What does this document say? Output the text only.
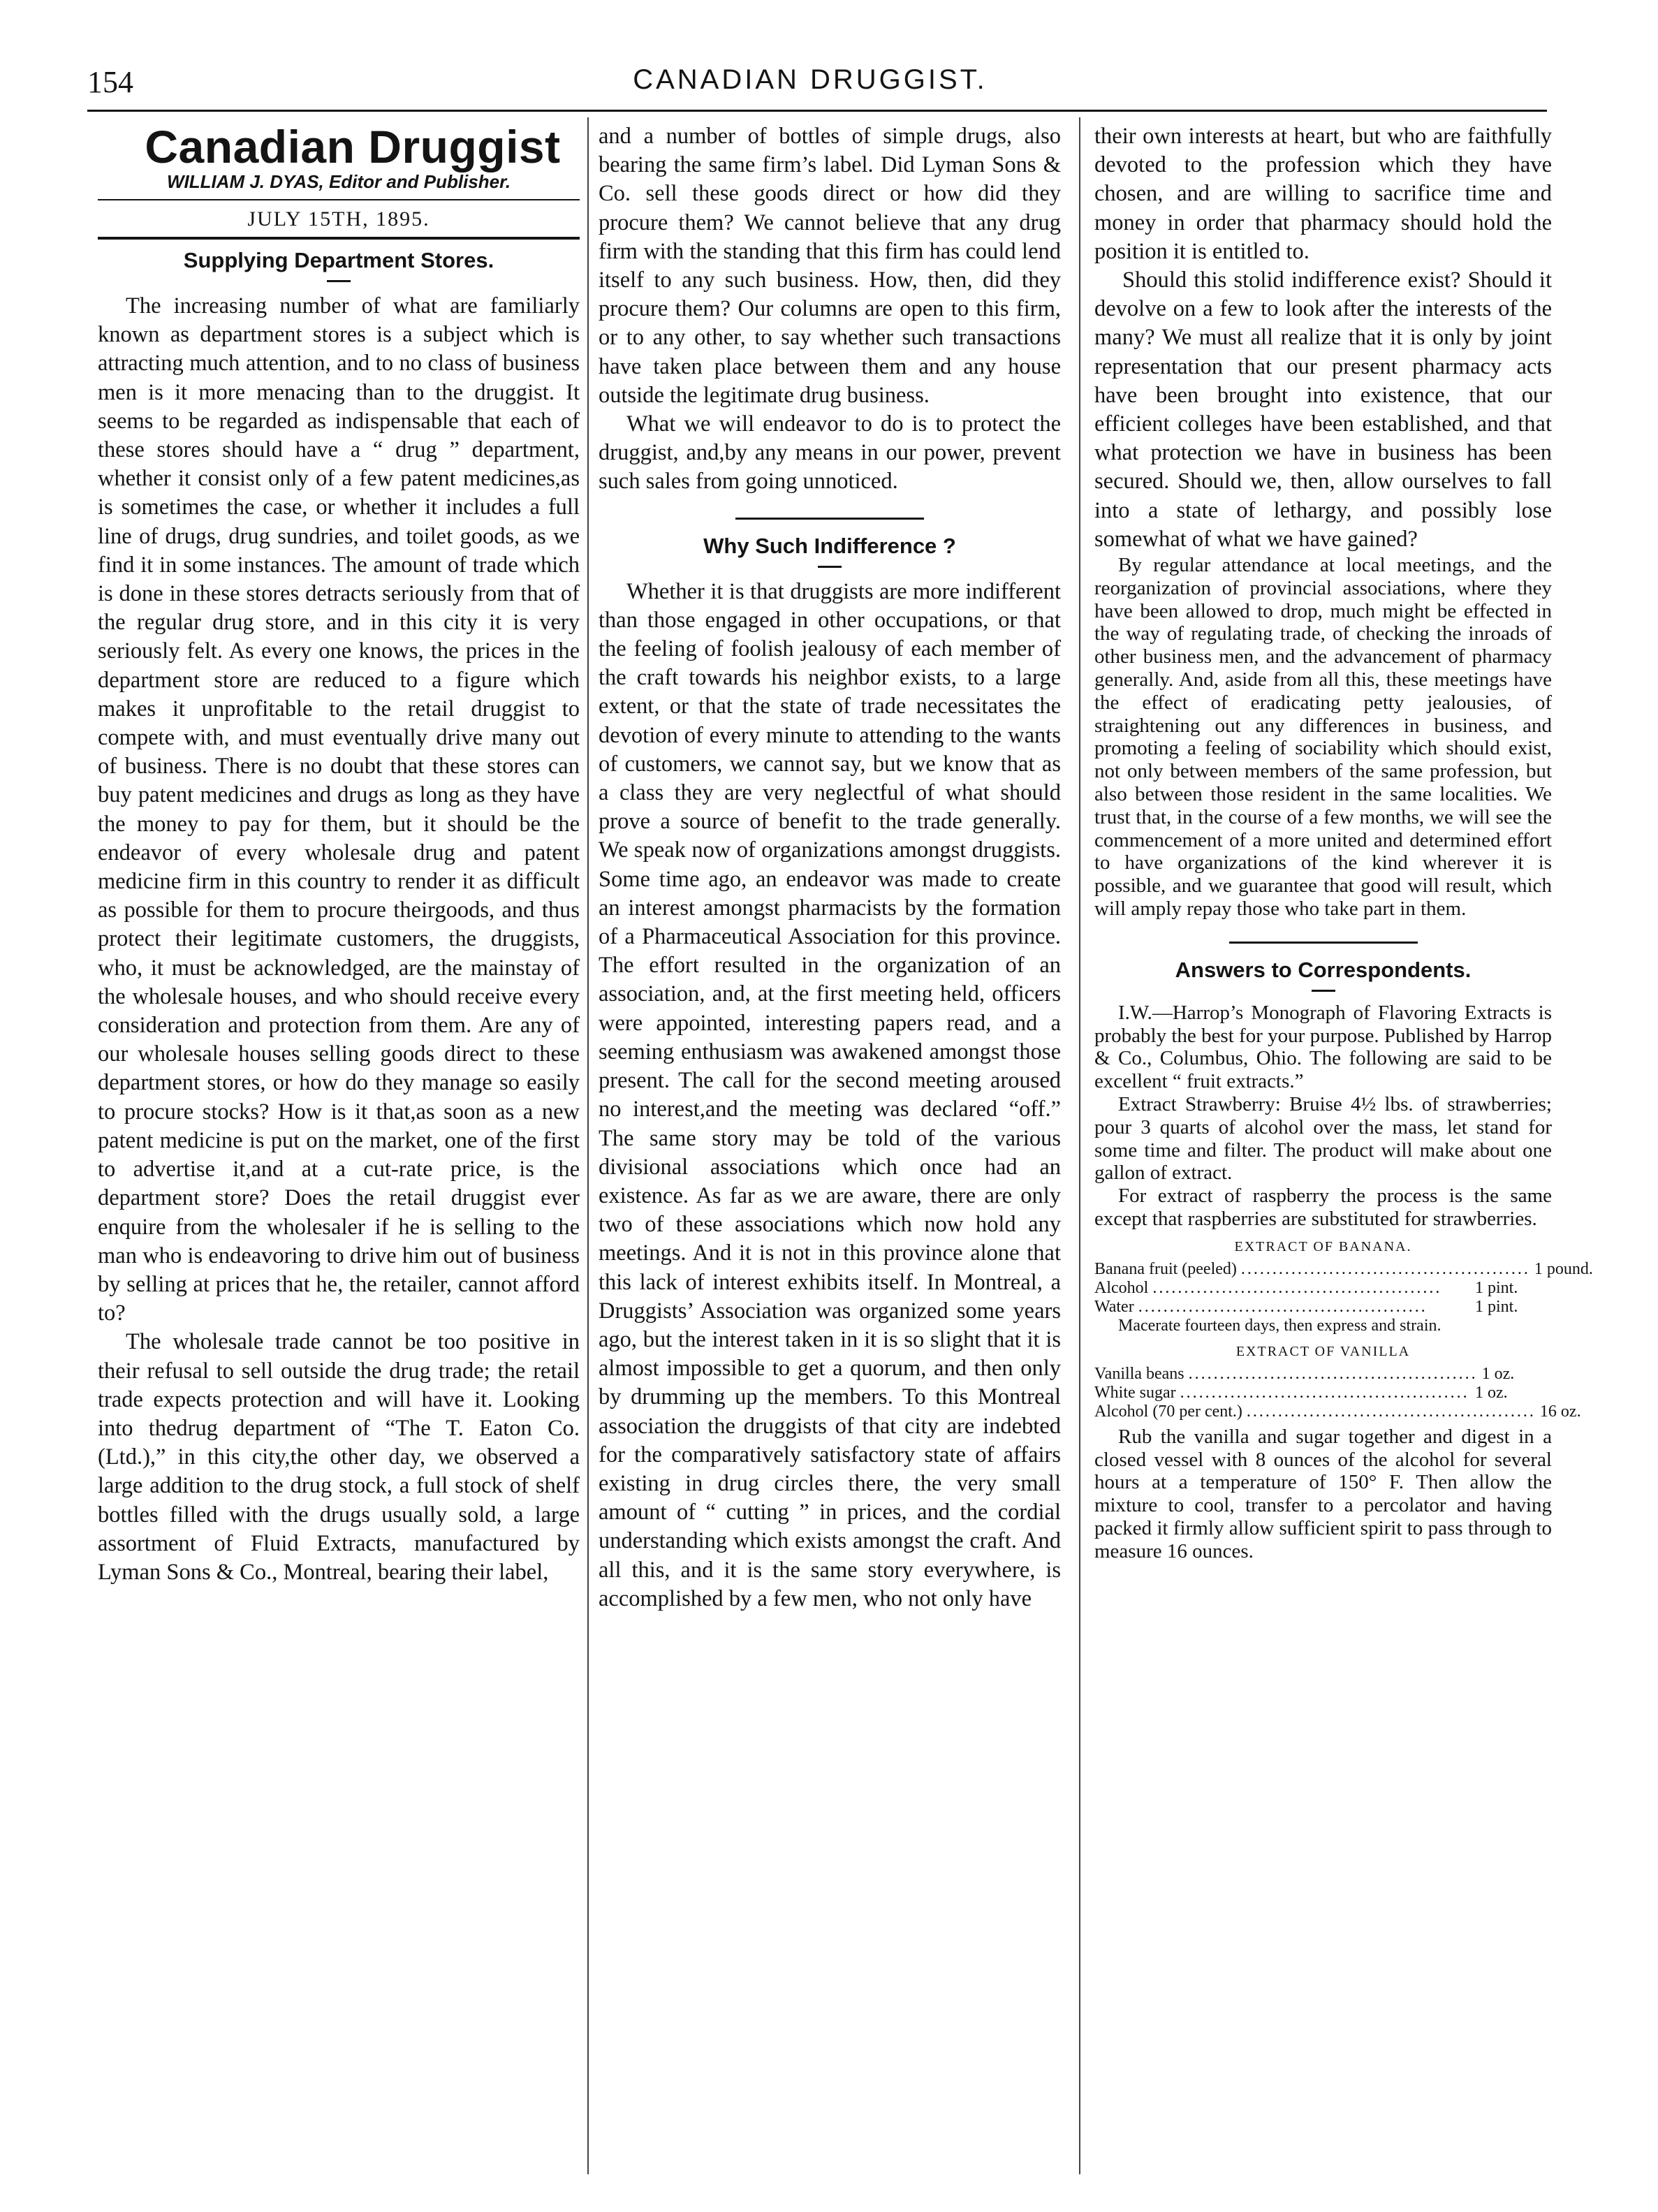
154	CANADIAN DRUGGIST.

Canadian Druggist

WILLIAM J. DYAS, Editor and Publisher.
JULY 15TH, 1895.
Supplying Department Stores.

The increasing number of what are familiarly known as department stores is a subject which is attracting much attention, and to no class of business men is it more menacing than to the druggist. It seems to be regarded as indispensable that each of these stores should have a “ drug ” department, whether it consist only of a few patent medicines,as is sometimes the case, or whether it includes a full line of drugs, drug sundries, and toilet goods, as we find it in some instances. The amount of trade which is done in these stores detracts seriously from that of the regular drug store, and in this city it is very seriously felt. As every one knows, the prices in the department store are reduced to a figure which makes it unprofitable to the retail druggist to compete with, and must eventually drive many out of business. There is no doubt that these stores can buy patent medicines and drugs as long as they have the money to pay for them, but it should be the endeavor of every wholesale drug and patent medicine firm in this country to render it as difficult as possible for them to procure theirgoods, and thus protect their legitimate customers, the druggists, who, it must be acknowledged, are the mainstay of the wholesale houses, and who should receive every consideration and protection from them. Are any of our wholesale houses selling goods direct to these department stores, or how do they manage so easily to procure stocks? How is it that,as soon as a new patent medicine is put on the market, one of the first to advertise it,and at a cut-rate price, is the department store? Does the retail druggist ever enquire from the wholesaler if he is selling to the man who is endeavoring to drive him out of business by selling at prices that he, the retailer, cannot afford to?

The wholesale trade cannot be too positive in their refusal to sell outside the drug trade; the retail trade expects protection and will have it. Looking into thedrug department of “The T. Eaton Co. (Ltd.),” in this city,the other day, we observed a large addition to the drug stock, a full stock of shelf bottles filled with the drugs usually sold, a large assortment of Fluid Extracts, manufactured by Lyman Sons & Co., Montreal, bearing their label,

and a number of bottles of simple drugs, also bearing the same firm’s label. Did Lyman Sons & Co. sell these goods direct or how did they procure them? We cannot believe that any drug firm with the standing that this firm has could lend itself to any such business. How, then, did they procure them? Our columns are open to this firm, or to any other, to say whether such transactions have taken place between them and any house outside the legitimate drug business.

What we will endeavor to do is to protect the druggist, and,by any means in our power, prevent such sales from going unnoticed.

Why Such Indifference ?

Whether it is that druggists are more indifferent than those engaged in other occupations, or that the feeling of foolish jealousy of each member of the craft towards his neighbor exists, to a large extent, or that the state of trade necessitates the devotion of every minute to attending to the wants of customers, we cannot say, but we know that as a class they are very neglectful of what should prove a source of benefit to the trade generally. We speak now of organizations amongst druggists. Some time ago, an endeavor was made to create an interest amongst pharmacists by the formation of a Pharmaceutical Association for this province. The effort resulted in the organization of an association, and, at the first meeting held, officers were appointed, interesting papers read, and a seeming enthusiasm was awakened amongst those present. The call for the second meeting aroused no interest,and the meeting was declared “off.” The same story may be told of the various divisional associations which once had an existence. As far as we are aware, there are only two of these associations which now hold any meetings. And it is not in this province alone that this lack of interest exhibits itself. In Montreal, a Druggists’ Association was organized some years ago, but the interest taken in it is so slight that it is almost impossible to get a quorum, and then only by drumming up the members. To this Montreal association the druggists of that city are indebted for the comparatively satisfactory state of affairs existing in drug circles there, the very small amount of “ cutting ” in prices, and the cordial understanding which exists amongst the craft. And all this, and it is the same story everywhere, is accomplished by a few men, who not only have

their own interests at heart, but who are faithfully devoted to the profession which they have chosen, and are willing to sacrifice time and money in order that pharmacy should hold the position it is entitled to.

Should this stolid indifference exist? Should it devolve on a few to look after the interests of the many? We must all realize that it is only by joint representation that our present pharmacy acts have been brought into existence, that our efficient colleges have been established, and that what protection we have in business has been secured. Should we, then, allow ourselves to fall into a state of lethargy, and possibly lose somewhat of what we have gained?

By regular attendance at local meetings, and the reorganization of provincial associations, where they have been allowed to drop, much might be effected in the way of regulating trade, of checking the inroads of other business men, and the advancement of pharmacy generally. And, aside from all this, these meetings have the effect of eradicating petty jealousies, of straightening out any differences in business, and promoting a feeling of sociability which should exist, not only between members of the same profession, but also between those resident in the same localities. We trust that, in the course of a few months, we will see the commencement of a more united and determined effort to have organizations of the kind wherever it is possible, and we guarantee that good will result, which will amply repay those who take part in them.

Answers to Correspondents.

I.W.—Harrop’s Monograph of Flavoring Extracts is probably the best for your purpose. Published by Harrop & Co., Columbus, Ohio. The following are said to be excellent “ fruit extracts.”

Extract Strawberry: Bruise 4½ lbs. of strawberries; pour 3 quarts of alcohol over the mass, let stand for some time and filter. The product will make about one gallon of extract.

For extract of raspberry the process is the same except that raspberries are substituted for strawberries.

EXTRACT OF BANANA.
Banana fruit (peeled) .............................................. 1 pound.
Alcohol ..............................................	1 pint.
Water ..............................................	1 pint.
Macerate fourteen days, then express and strain.
EXTRACT OF VANILLA
Vanilla beans .............................................. 1 oz.
White sugar .............................................. 1 oz.
Alcohol (70 per cent.) .............................................. 16 oz.

Rub the vanilla and sugar together and digest in a closed vessel with 8 ounces of the alcohol for several hours at a temperature of 150° F. Then allow the mixture to cool, transfer to a percolator and having packed it firmly allow sufficient spirit to pass through to measure 16 ounces.
